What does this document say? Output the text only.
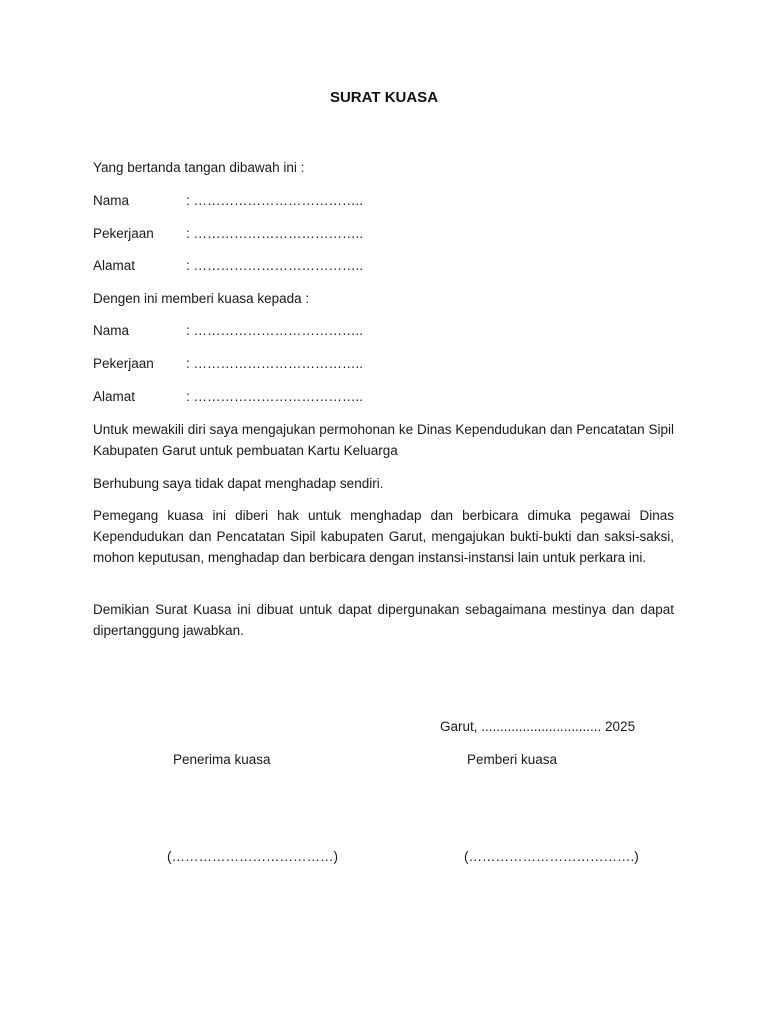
SURAT KUASA
Yang bertanda tangan dibawah ini :
Nama	: ………………………………..
Pekerjaan : ………………………………..
Alamat	: ………………………………..
Dengen ini memberi kuasa kepada :
Nama	: ………………………………..
Pekerjaan : ………………………………..
Alamat	: ………………………………..
Untuk mewakili diri saya mengajukan permohonan ke Dinas Kependudukan dan Pencatatan Sipil Kabupaten Garut untuk pembuatan Kartu Keluarga
Berhubung saya tidak dapat menghadap sendiri.
Pemegang kuasa ini diberi hak untuk menghadap dan berbicara dimuka pegawai Dinas Kependudukan dan Pencatatan Sipil kabupaten Garut, mengajukan bukti-bukti dan saksi-saksi, mohon keputusan, menghadap dan berbicara dengan instansi-instansi lain untuk perkara ini.
Demikian Surat Kuasa ini dibuat untuk dapat dipergunakan sebagaimana mestinya dan dapat dipertanggung jawabkan.
Garut, ................................ 2025
Penerima kuasa	Pemberi kuasa
(………………………………)	(……………………………….)
